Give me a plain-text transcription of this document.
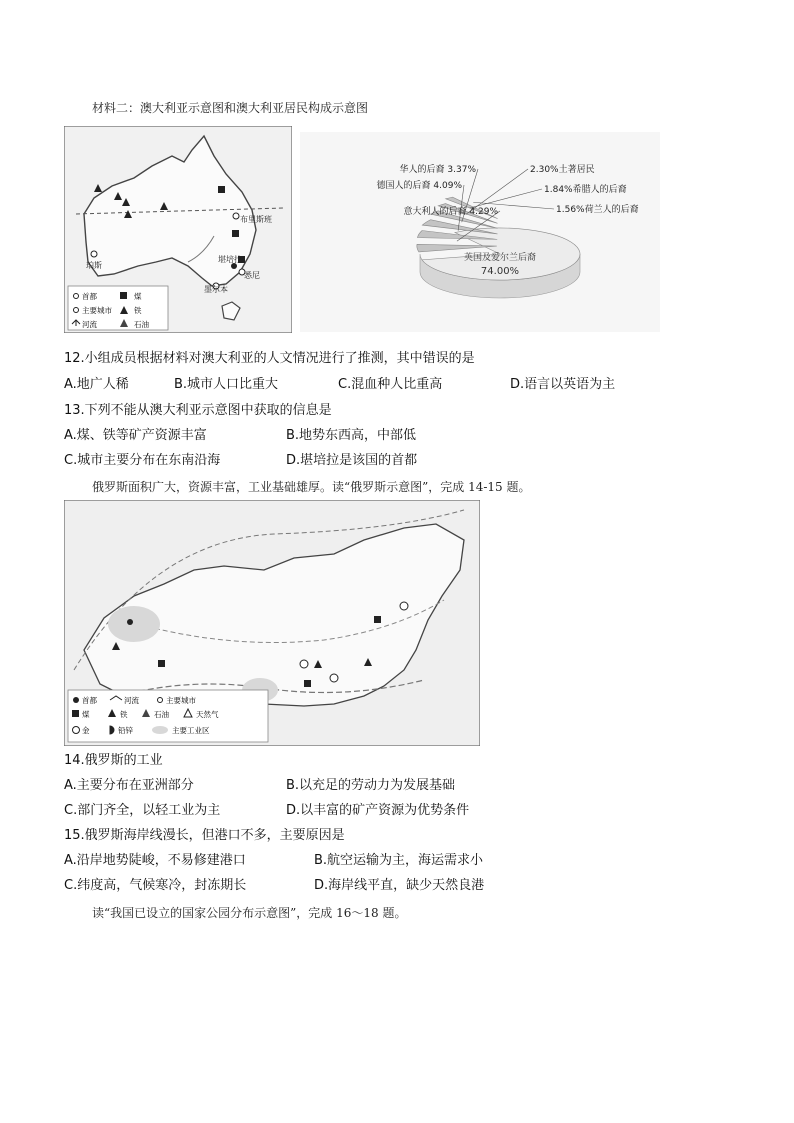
材料二：澳大利亚示意图和澳大利亚居民构成示意图
珀斯
堪培拉
墨尔本
悉尼
布里斯班
首都	煤
主要城市	铁
河流	石油
意大利人的后裔 4.29%
德国人的后裔 4.09%
华人的后裔 3.37%	2.30%土著居民
1.84%希腊人的后裔
1.56%荷兰人的后裔
英国及爱尔兰后裔
74.00%
12.小组成员根据材料对澳大利亚的人文情况进行了推测，其中错误的是
A.地广人稀	B.城市人口比重大	C.混血种人比重高	D.语言以英语为主
13.下列不能从澳大利亚示意图中获取的信息是
A.煤、铁等矿产资源丰富	B.地势东西高，中部低
C.城市主要分布在东南沿海	D.堪培拉是该国的首都
俄罗斯面积广大，资源丰富，工业基础雄厚。读“俄罗斯示意图”，完成 14-15 题。
首都	河流	主要城市
煤	铁	石油	天然气
金	铅锌	主要工业区
14.俄罗斯的工业
A.主要分布在亚洲部分	B.以充足的劳动力为发展基础
C.部门齐全，以轻工业为主	D.以丰富的矿产资源为优势条件
15.俄罗斯海岸线漫长，但港口不多，主要原因是
A.沿岸地势陡峻，不易修建港口	B.航空运输为主，海运需求小
C.纬度高，气候寒冷，封冻期长	D.海岸线平直，缺少天然良港
读“我国已设立的国家公园分布示意图”，完成 16～18 题。
